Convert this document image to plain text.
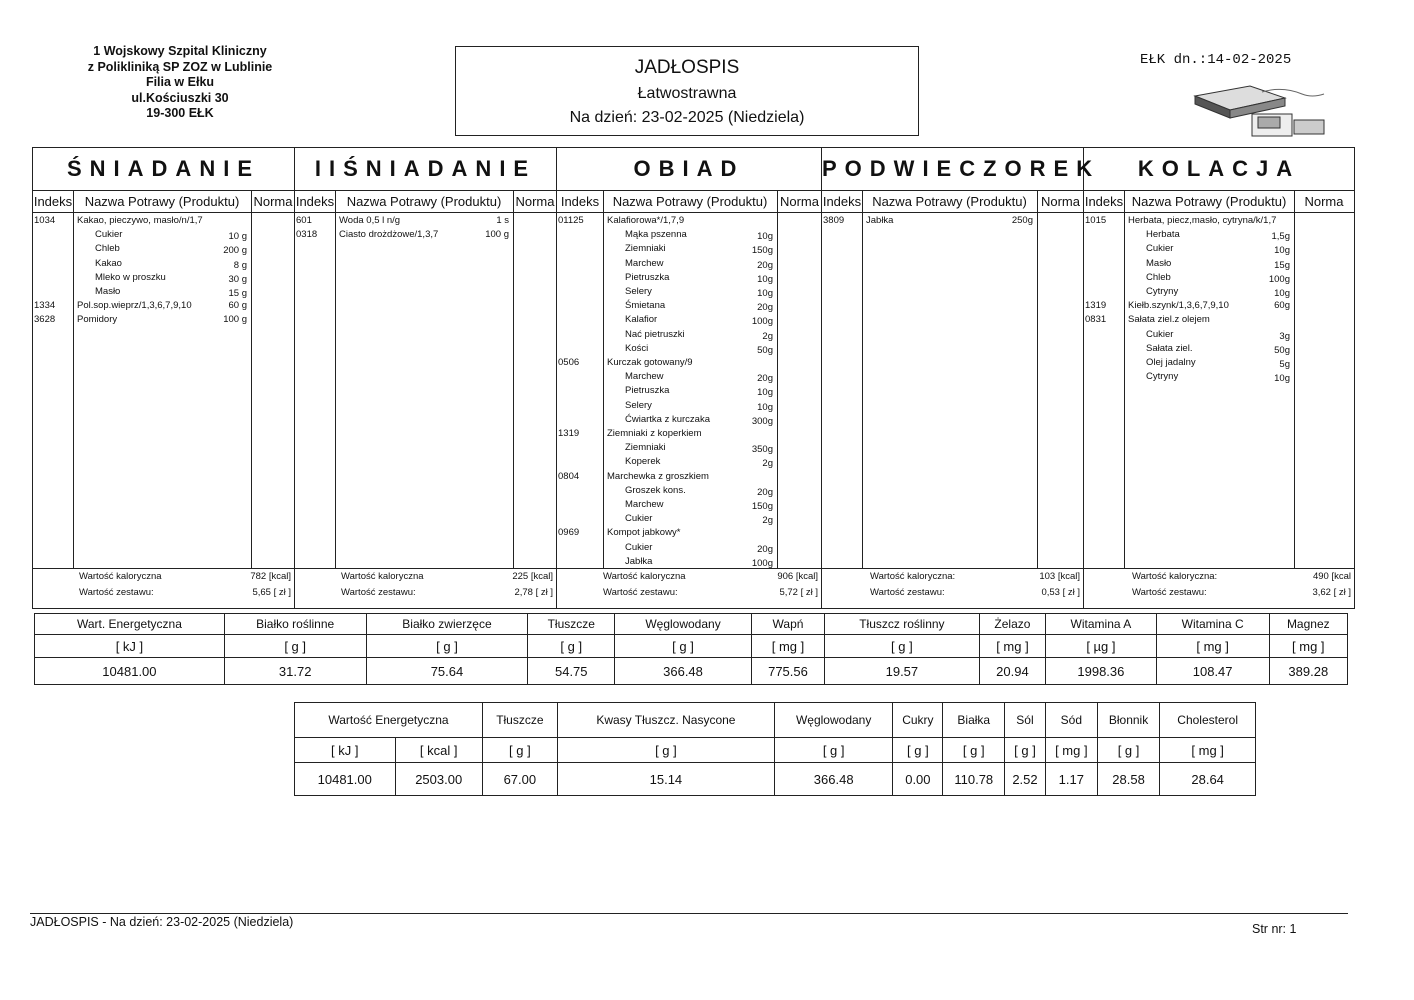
1 Wojskowy Szpital Kliniczny
z Polikliniką SP ZOZ w Lublinie
Filia w Ełku
ul.Kościuszki 30
19-300 EŁK
JADŁOSPIS
Łatwostrawna
Na dzień: 23-02-2025 (Niedziela)
EŁK dn.:14-02-2025
ŚNIADANIE
Indeks Nazwa Potrawy (Produktu)	Norma
1034 Kakao, pieczywo, masło/n/1,7
Cukier	10 g
Chleb	200 g
Kakao	8 g
Mleko w proszku	30 g
Masło	15 g
1334 Pol.sop.wieprz/1,3,6,7,9,10	60 g
3628 Pomidory	100 g
Wartość kaloryczna	782 [kcal]
Wartość zestawu:	5,65 [ zł ]
IIŚNIADANIE
Indeks Nazwa Potrawy (Produktu)	Norma
601	Woda 0,5 l n/g	1 s
0318 Ciasto drożdżowe/1,3,7	100 g
Wartość kaloryczna	225 [kcal]
Wartość zestawu:	2,78 [ zł ]
OBIAD
Indeks	Nazwa Potrawy (Produktu) Norma
01125 Kalafiorowa*/1,7,9
Mąka pszenna	10g
Ziemniaki	150g
Marchew	20g
Pietruszka	10g
Selery	10g
Śmietana	20g
Kalafior	100g
Nać pietruszki	2g
Kości	50g
0506	Kurczak gotowany/9
Marchew	20g
Pietruszka	10g
Selery	10g
Ćwiartka z kurczaka	300g
1319	Ziemniaki z koperkiem
Ziemniaki	350g
Koperek	2g
0804	Marchewka z groszkiem
Groszek kons.	20g
Marchew	150g
Cukier	2g
0969	Kompot jabkowy*
Cukier	20g
Jabłka	100g
Wartość kaloryczna	906 [kcal]
Wartość zestawu:	5,72 [ zł ]
PODWIECZOREK
Indeks Nazwa Potrawy (Produktu)	Norma
3809 Jabłka	250g
Wartość kaloryczna:	103 [kcal]
Wartość zestawu:	0,53 [ zł ]
KOLACJA
Indeks Nazwa Potrawy (Produktu)	Norma
1015 Herbata, piecz,masło, cytryna/k/1,7
Herbata	1,5g
Cukier	10g
Masło	15g
Chleb	100g
Cytryny	10g
1319 Kiełb.szynk/1,3,6,7,9,10	60g
0831 Sałata ziel.z olejem
Cukier	3g
Sałata ziel.	50g
Olej jadalny	5g
Cytryny	10g
Wartość kaloryczna:	490 [kcal
Wartość zestawu:	3,62 [ zł ]
Wart. Energetyczna	Białko roślinne	Białko zwierzęce	Tłuszcze	Węglowodany	Wapń	Tłuszcz roślinny	Żelazo	Witamina A	Witamina C	Magnez
[ kJ ]	[ g ]	[ g ]	[ g ]	[ g ]	[ mg ]	[ g ]	[ mg ]	[ µg ]	[ mg ]	[ mg ]
10481.00	31.72	75.64	54.75	366.48	775.56	19.57	20.94	1998.36	108.47	389.28
Wartość Energetyczna		Tłuszcze	Kwasy Tłuszcz. Nasycone	Węglowodany	Cukry	Białka	Sól	Sód	Błonnik	Cholesterol
[ kJ ]	[ kcal ]	[ g ]	[ g ]	[ g ]	[ g ]	[ g ]	[ g ]	[ mg ]	[ g ]	[ mg ]
10481.00	2503.00	67.00	15.14	366.48	0.00	110.78	2.52	1.17	28.58	28.64
JADŁOSPIS - Na dzień: 23-02-2025 (Niedziela)	Str nr: 1
